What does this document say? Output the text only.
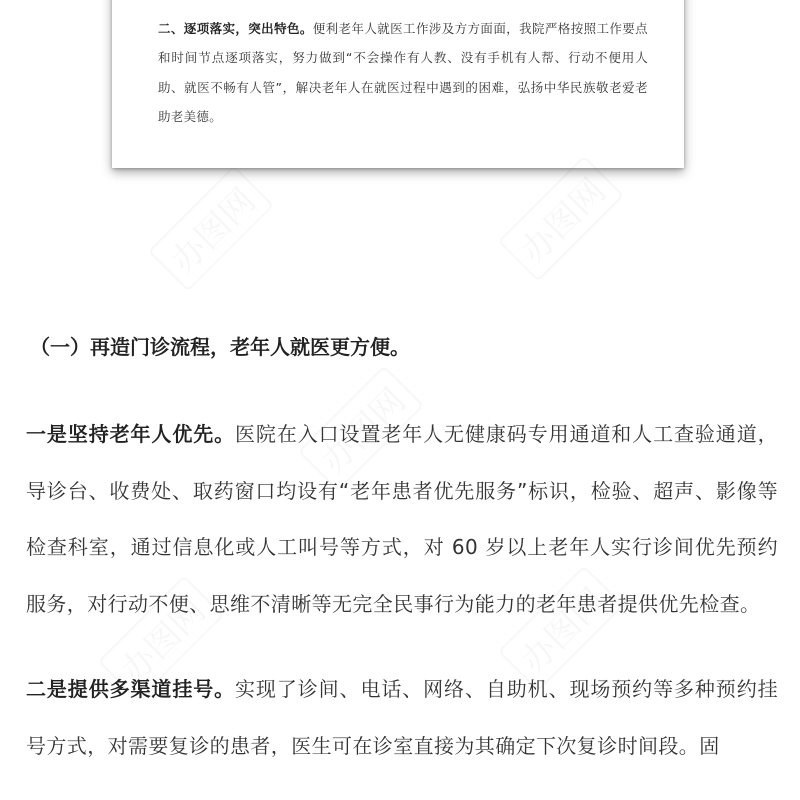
二、逐项落实，突出特色。便利老年人就医工作涉及方方面面，我院严格按照工作要点和时间节点逐项落实，努力做到“不会操作有人教、没有手机有人帮、行动不便用人助、就医不畅有人管”，解决老年人在就医过程中遇到的困难，弘扬中华民族敬老爱老助老美德。

（一）再造门诊流程，老年人就医更方便。

一是坚持老年人优先。医院在入口设置老年人无健康码专用通道和人工查验通道，导诊台、收费处、取药窗口均设有“老年患者优先服务”标识，检验、超声、影像等检查科室，通过信息化或人工叫号等方式，对 60 岁以上老年人实行诊间优先预约服务，对行动不便、思维不清晰等无完全民事行为能力的老年患者提供优先检查。

二是提供多渠道挂号。实现了诊间、电话、网络、自助机、现场预约等多种预约挂号方式，对需要复诊的患者，医生可在诊室直接为其确定下次复诊时间段。固
